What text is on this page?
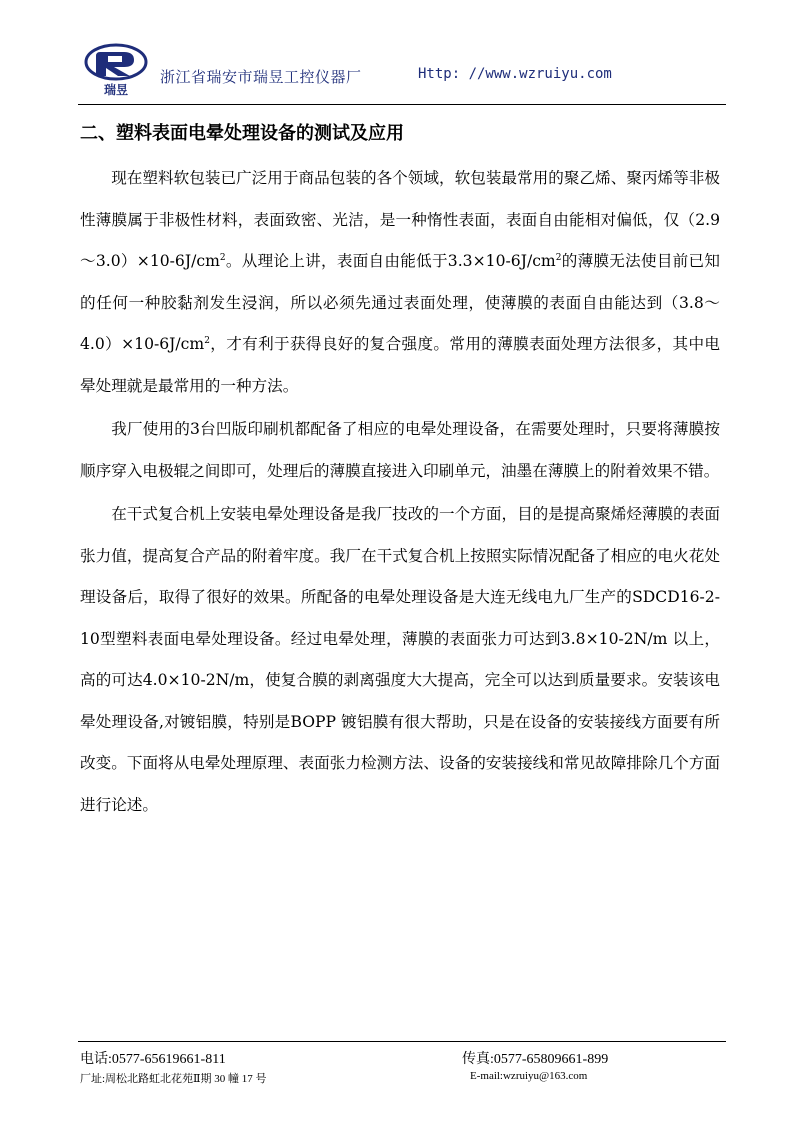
瑞昱
浙江省瑞安市瑞昱工控仪器厂	Http: //www.wzruiyu.com
二、塑料表面电晕处理设备的测试及应用

现在塑料软包装已广泛用于商品包装的各个领域，软包装最常用的聚乙烯、聚丙烯等非极性薄膜属于非极性材料，表面致密、光洁，是一种惰性表面，表面自由能相对偏低，仅$(2.9\sim 3.0)\times 10-6J/cm^2$。从理论上讲，表面自由能低于$3.3\times 10-6J/cm^2$的薄膜无法使目前已知的任何一种胶黏剂发生浸润，所以必须先通过表面处理，使薄膜的表面自由能达到$(3.8\sim 4.0)\times 10-6J/cm^2$，才有利于获得良好的复合强度。常用的薄膜表面处理方法很多，其中电晕处理就是最常用的一种方法。

我厂使用的3台凹版印刷机都配备了相应的电晕处理设备，在需要处理时，只要将薄膜按顺序穿入电极辊之间即可，处理后的薄膜直接进入印刷单元，油墨在薄膜上的附着效果不错。

在干式复合机上安装电晕处理设备是我厂技改的一个方面，目的是提高聚烯烃薄膜的表面张力值，提高复合产品的附着牢度。我厂在干式复合机上按照实际情况配备了相应的电火花处理设备后，取得了很好的效果。所配备的电晕处理设备是大连无线电九厂生产的SDCD16-2-10型塑料表面电晕处理设备。经过电晕处理，薄膜的表面张力可达到3.8×10-2N/m 以上，高的可达4.0×10-2N/m，使复合膜的剥离强度大大提高，完全可以达到质量要求。安装该电晕处理设备,对镀铝膜，特别是BOPP 镀铝膜有很大帮助，只是在设备的安装接线方面要有所改变。下面将从电晕处理原理、表面张力检测方法、设备的安装接线和常见故障排除几个方面进行论述。

电话:0577-65619661-811	传真:0577-65809661-899
厂址:周松北路虹北花苑Ⅱ期 30 幢 17 号	E-mail:wzruiyu@163.com
